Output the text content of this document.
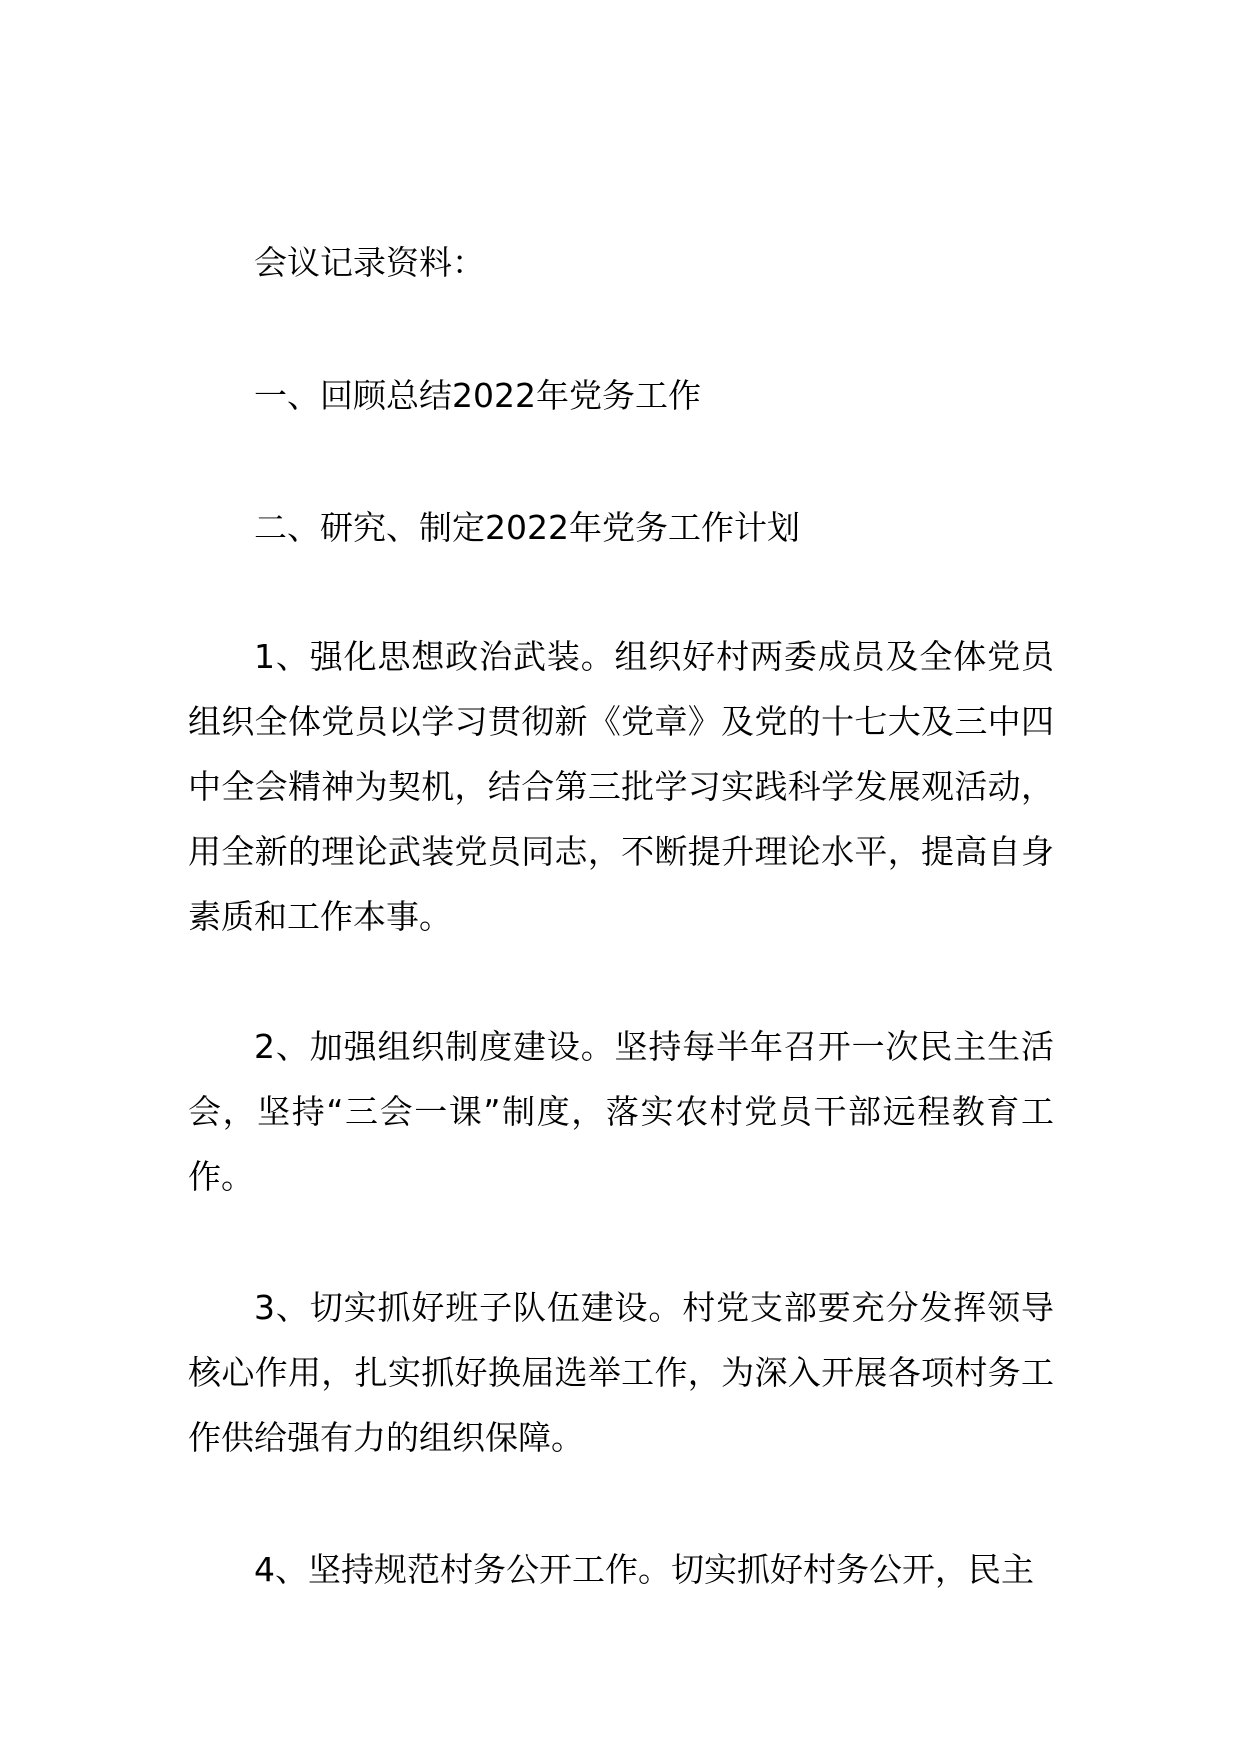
会议记录资料：
一、回顾总结2022年党务工作
二、研究、制定2022年党务工作计划
1、强化思想政治武装。组织好村两委成员及全体党员组织全体党员以学习贯彻新《党章》及党的十七大及三中四中全会精神为契机，结合第三批学习实践科学发展观活动，用全新的理论武装党员同志，不断提升理论水平，提高自身素质和工作本事。
2、加强组织制度建设。坚持每半年召开一次民主生活会，坚持“三会一课”制度，落实农村党员干部远程教育工作。
3、切实抓好班子队伍建设。村党支部要充分发挥领导核心作用，扎实抓好换届选举工作，为深入开展各项村务工作供给强有力的组织保障。
4、坚持规范村务公开工作。切实抓好村务公开，民主
